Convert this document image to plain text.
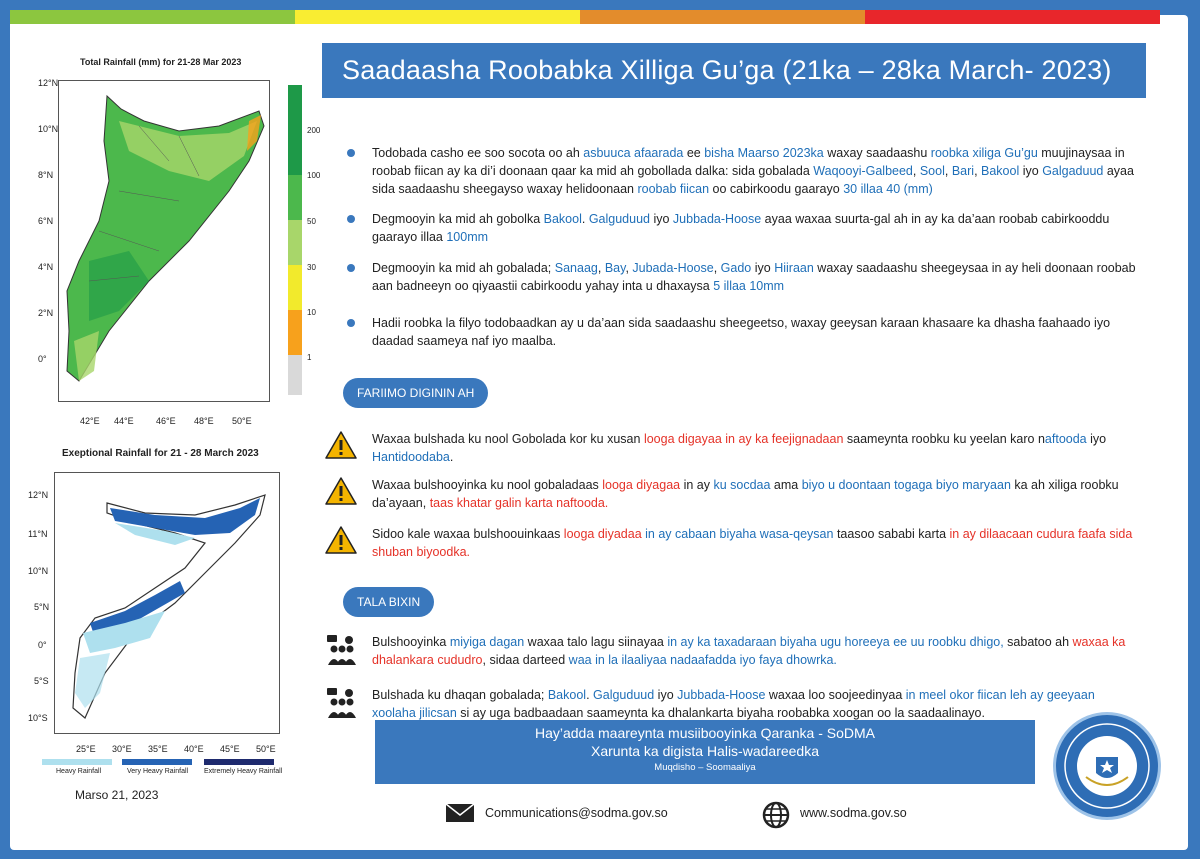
Total Rainfall (mm) for 21-28 Mar 2023
12°N
10°N
8°N
6°N
4°N
2°N
0°
42°E 44°E 46°E 48°E 50°E
200
100
50
30
10
1
Exeptional Rainfall for 21 - 28 March 2023
12°N
11°N
10°N
5°N
0°
5°S
10°S
25°E 30°E 35°E 40°E 45°E 50°E
Heavy Rainfall	Very Heavy Rainfall Extremely Heavy Rainfall
Marso 21, 2023
Saadaasha Roobabka Xilliga Gu’ga (21ka – 28ka March- 2023)

Todobada casho ee soo socota oo ah asbuuca afaarada ee bisha Maarso 2023ka waxay saadaashu roobka xiliga Gu’gu muujinaysaa in roobab fiican ay ka di’i doonaan qaar ka mid ah gobollada dalka: sida gobalada Waqooyi-Galbeed, Sool, Bari, Bakool iyo Galgaduud ayaa sida saadaashu sheegayso waxay helidoonaan roobab fiican oo cabirkoodu gaarayo 30 illaa 40 (mm)

Degmooyin ka mid ah gobolka Bakool. Galguduud iyo Jubbada-Hoose ayaa waxaa suurta-gal ah in ay ka da’aan roobab cabirkooddu gaarayo illaa 100mm

Degmooyin ka mid ah gobalada; Sanaag, Bay, Jubada-Hoose, Gado iyo Hiiraan waxay saadaashu sheegeysaa in ay heli doonaan roobab aan badneeyn oo qiyaastii cabirkoodu yahay inta u dhaxaysa 5 illaa 10mm

Hadii roobka la filyo todobaadkan ay u da’aan sida saadaashu sheegeetso, waxay geeysan karaan khasaare ka dhasha faahaado iyo daadad saameya naf iyo maalba.

FARIIMO DIGININ AH

Waxaa bulshada ku nool Gobolada kor ku xusan looga digayaa in ay ka feejignadaan saameynta roobku ku yeelan karo naftooda iyo Hantidoodaba.

Waxaa bulshooyinka ku nool gobaladaas looga diyagaa in ay ku socdaa ama biyo u doontaan togaga biyo maryaan ka ah xiliga roobku da’ayaan, taas khatar galin karta naftooda.

Sidoo kale waxaa bulshoouinkaas looga diyadaa in ay cabaan biyaha wasa-qeysan taasoo sababi karta in ay dilaacaan cudura faafa sida shuban biyoodka.

TALA BIXIN

Bulshooyinka miyiga dagan waxaa talo lagu siinayaa in ay ka taxadaraan biyaha ugu horeeya ee uu roobku dhigo, sabatoo ah waxaa ka dhalankara cududro, sidaa darteed waa in la ilaaliyaa nadaafadda iyo faya dhowrka.

Bulshada ku dhaqan gobalada; Bakool. Galguduud iyo Jubbada-Hoose waxaa loo soojeedinyaa in meel okor fiican leh ay geeyaan xoolaha jilicsan si ay uga badbaadaan saameynta ka dhalankarta biyaha roobabka xoogan oo la saadaalinayo.

Hay’adda maareynta musiibooyinka Qaranka - SoDMA
Xarunta ka digista Halis-wadareedka
Muqdisho – Soomaaliya
Communications@sodma.gov.so	www.sodma.gov.so
